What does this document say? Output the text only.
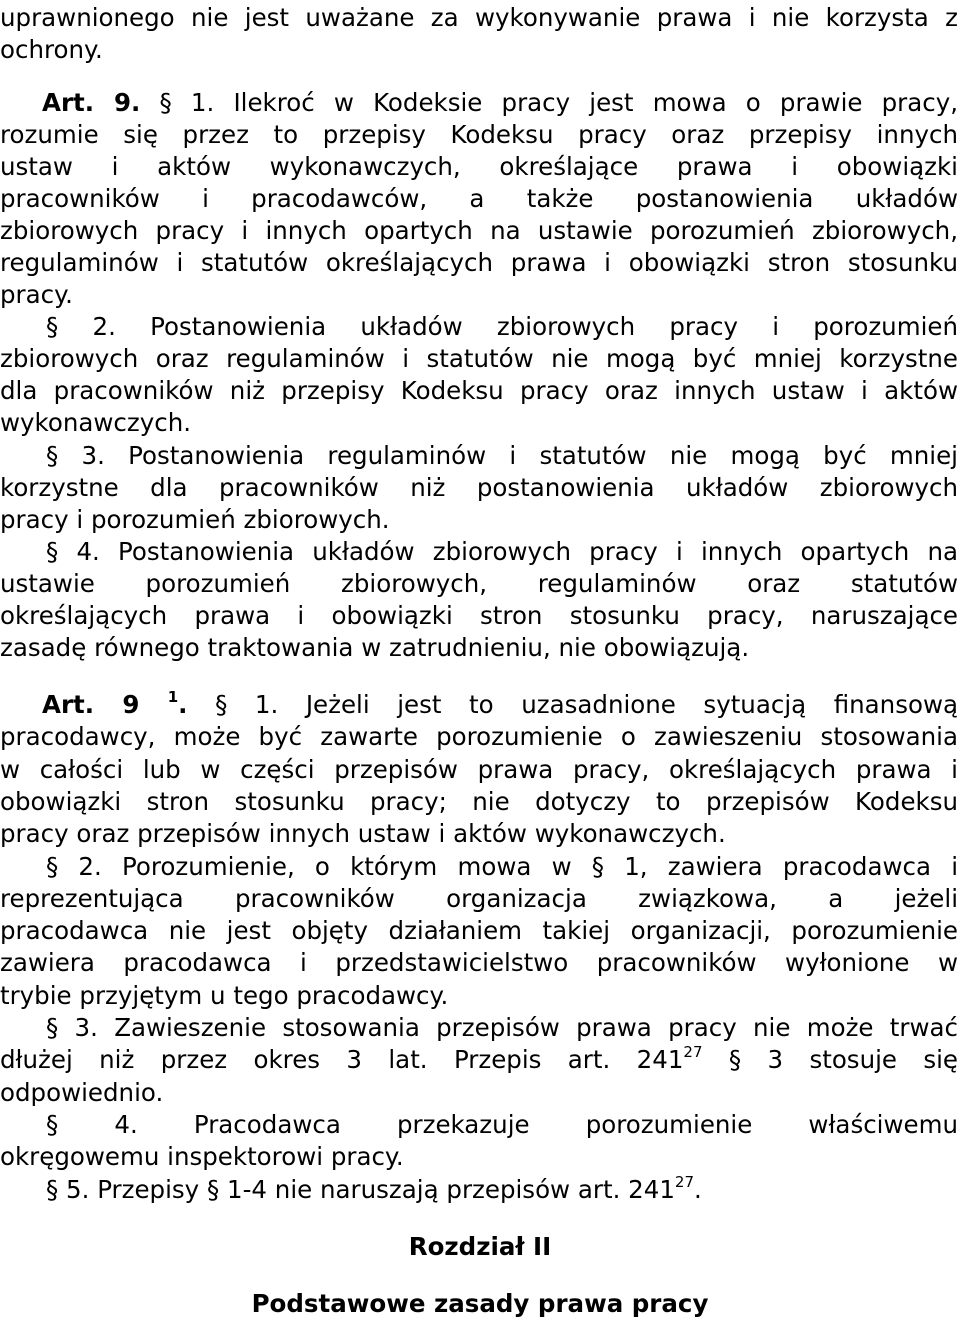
uprawnionego nie jest uważane za wykonywanie prawa i nie korzysta z
ochrony.
Art. 9. § 1. Ilekroć w Kodeksie pracy jest mowa o prawie pracy,
rozumie się przez to przepisy Kodeksu pracy oraz przepisy innych
ustaw i aktów wykonawczych, określające prawa i obowiązki
pracowników i pracodawców, a także postanowienia układów
zbiorowych pracy i innych opartych na ustawie porozumień zbiorowych,
regulaminów i statutów określających prawa i obowiązki stron stosunku
pracy.
§ 2. Postanowienia układów zbiorowych pracy i porozumień
zbiorowych oraz regulaminów i statutów nie mogą być mniej korzystne
dla pracowników niż przepisy Kodeksu pracy oraz innych ustaw i aktów
wykonawczych.
§ 3. Postanowienia regulaminów i statutów nie mogą być mniej
korzystne dla pracowników niż postanowienia układów zbiorowych
pracy i porozumień zbiorowych.
§ 4. Postanowienia układów zbiorowych pracy i innych opartych na
ustawie porozumień zbiorowych, regulaminów oraz statutów
określających prawa i obowiązki stron stosunku pracy, naruszające
zasadę równego traktowania w zatrudnieniu, nie obowiązują.
Art. 9 $^1$. § 1. Jeżeli jest to uzasadnione sytuacją finansową
pracodawcy, może być zawarte porozumienie o zawieszeniu stosowania
w całości lub w części przepisów prawa pracy, określających prawa i
obowiązki stron stosunku pracy; nie dotyczy to przepisów Kodeksu
pracy oraz przepisów innych ustaw i aktów wykonawczych.
§ 2. Porozumienie, o którym mowa w § 1, zawiera pracodawca i
reprezentująca pracowników organizacja związkowa, a jeżeli
pracodawca nie jest objęty działaniem takiej organizacji, porozumienie
zawiera pracodawca i przedstawicielstwo pracowników wyłonione w
trybie przyjętym u tego pracodawcy.
§ 3. Zawieszenie stosowania przepisów prawa pracy nie może trwać
dłużej niż przez okres 3 lat. Przepis art. $241^{27}$ § 3 stosuje się
odpowiednio.
§ 4. Pracodawca przekazuje porozumienie właściwemu
okręgowemu inspektorowi pracy.
§ 5. Przepisy § 1-4 nie naruszają przepisów art. $241^{27}$.
Rozdział II
Podstawowe zasady prawa pracy
